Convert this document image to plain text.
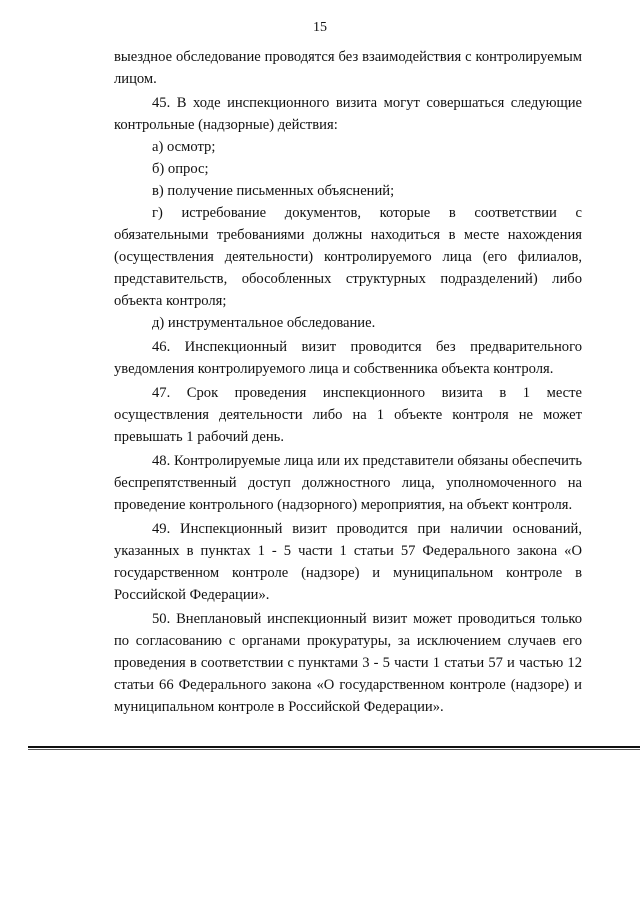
15

выездное обследование проводятся без взаимодействия с контролируемым лицом.

45. В ходе инспекционного визита могут совершаться следующие контрольные (надзорные) действия:

а) осмотр;

б) опрос;

в) получение письменных объяснений;

г) истребование документов, которые в соответствии с обязательными требованиями должны находиться в месте нахождения (осуществления деятельности) контролируемого лица (его филиалов, представительств, обособленных структурных подразделений) либо объекта контроля;

д) инструментальное обследование.

46. Инспекционный визит проводится без предварительного уведомления контролируемого лица и собственника объекта контроля.

47. Срок проведения инспекционного визита в 1 месте осуществления деятельности либо на 1 объекте контроля не может превышать 1 рабочий день.

48. Контролируемые лица или их представители обязаны обеспечить беспрепятственный доступ должностного лица, уполномоченного на проведение контрольного (надзорного) мероприятия, на объект контроля.

49. Инспекционный визит проводится при наличии оснований, указанных в пунктах 1 - 5 части 1 статьи 57 Федерального закона «О государственном контроле (надзоре) и муниципальном контроле в Российской Федерации».

50. Внеплановый инспекционный визит может проводиться только по согласованию с органами прокуратуры, за исключением случаев его проведения в соответствии с пунктами 3 - 5 части 1 статьи 57 и частью 12 статьи 66 Федерального закона «О государственном контроле (надзоре) и муниципальном контроле в Российской Федерации».
